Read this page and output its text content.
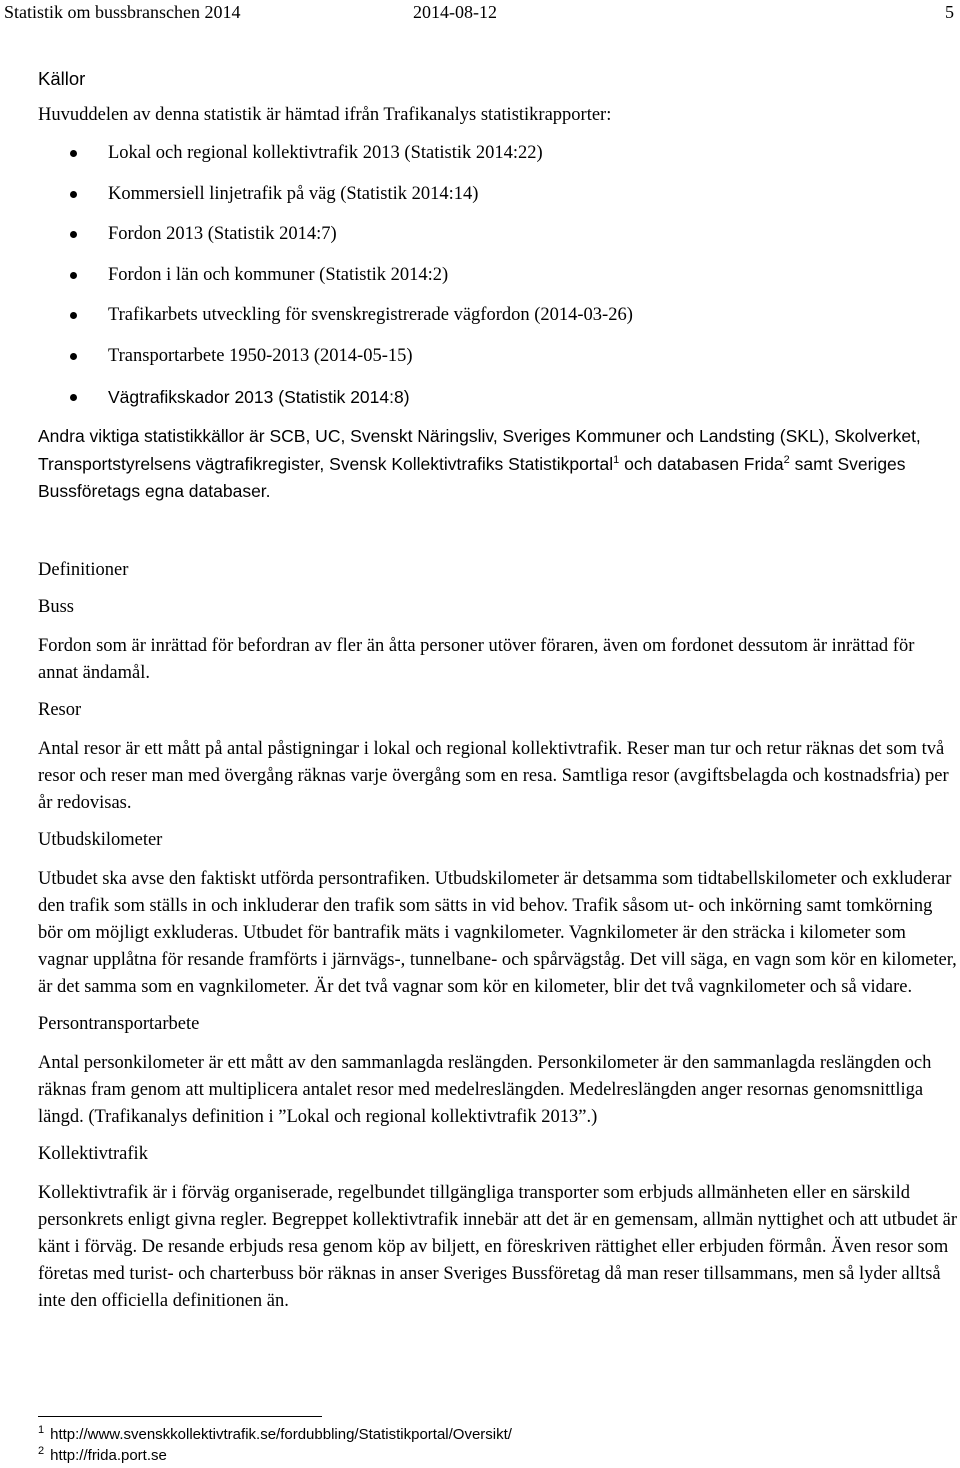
Statistik om bussbranschen 2014	2014-08-12	5

Källor

Huvuddelen av denna statistik är hämtad ifrån Trafikanalys statistikrapporter:

Lokal och regional kollektivtrafik 2013 (Statistik 2014:22)
Kommersiell linjetrafik på väg (Statistik 2014:14)
Fordon 2013 (Statistik 2014:7)
Fordon i län och kommuner (Statistik 2014:2)
Trafikarbets utveckling för svenskregistrerade vägfordon (2014-03-26)
Transportarbete 1950-2013 (2014-05-15)
Vägtrafikskador 2013 (Statistik 2014:8)

Andra viktiga statistikkällor är SCB, UC, Svenskt Näringsliv, Sveriges Kommuner och Landsting (SKL), Skolverket, Transportstyrelsens vägtrafikregister, Svensk Kollektivtrafiks Statistikportal$^1$ och databasen Frida$^2$ samt Sveriges Bussföretags egna databaser.

Definitioner

Buss

Fordon som är inrättad för befordran av fler än åtta personer utöver föraren, även om fordonet dessutom är inrättad för annat ändamål.

Resor

Antal resor är ett mått på antal påstigningar i lokal och regional kollektivtrafik. Reser man tur och retur räknas det som två resor och reser man med övergång räknas varje övergång som en resa. Samtliga resor (avgiftsbelagda och kostnadsfria) per år redovisas.

Utbudskilometer

Utbudet ska avse den faktiskt utförda persontrafiken. Utbudskilometer är detsamma som tidtabellskilometer och exkluderar den trafik som ställs in och inkluderar den trafik som sätts in vid behov. Trafik såsom ut- och inkörning samt tomkörning bör om möjligt exkluderas. Utbudet för bantrafik mäts i vagnkilometer. Vagnkilometer är den sträcka i kilometer som vagnar upplåtna för resande framförts i järnvägs-, tunnelbane- och spårvägståg. Det vill säga, en vagn som kör en kilometer, är det samma som en vagnkilometer. Är det två vagnar som kör en kilometer, blir det två vagnkilometer och så vidare.

Persontransportarbete

Antal personkilometer är ett mått av den sammanlagda reslängden. Personkilometer är den sammanlagda reslängden och räknas fram genom att multiplicera antalet resor med medelreslängden. Medelreslängden anger resornas genomsnittliga längd. (Trafikanalys definition i ”Lokal och regional kollektivtrafik 2013”.)

Kollektivtrafik

Kollektivtrafik är i förväg organiserade, regelbundet tillgängliga transporter som erbjuds allmänheten eller en särskild personkrets enligt givna regler. Begreppet kollektivtrafik innebär att det är en gemensam, allmän nyttighet och att utbudet är känt i förväg. De resande erbjuds resa genom köp av biljett, en föreskriven rättighet eller erbjuden förmån. Även resor som företas med turist- och charterbuss bör räknas in anser Sveriges Bussföretag då man reser tillsammans, men så lyder alltså inte den officiella definitionen än.

$^1$ http://www.svenskkollektivtrafik.se/fordubbling/Statistikportal/Oversikt/
$^2$ http://frida.port.se
